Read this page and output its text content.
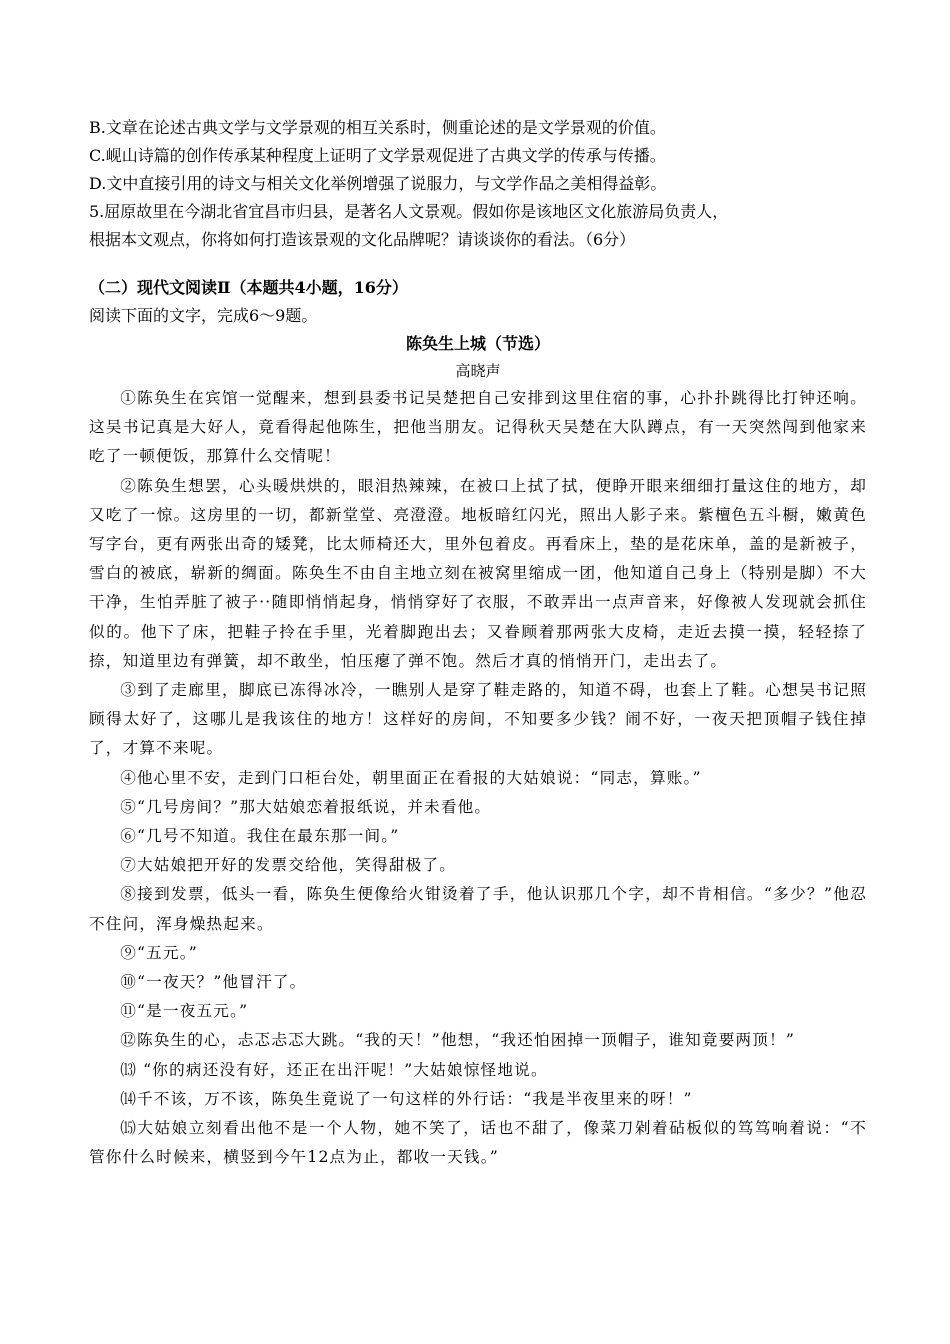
B.文章在论述古典文学与文学景观的相互关系时，侧重论述的是文学景观的价值。
C.岘山诗篇的创作传承某种程度上证明了文学景观促进了古典文学的传承与传播。
D.文中直接引用的诗文与相关文化举例增强了说服力，与文学作品之美相得益彰。
5.屈原故里在今湖北省宜昌市归县，是著名人文景观。假如你是该地区文化旅游局负责人，
根据本文观点，你将如何打造该景观的文化品牌呢？请谈谈你的看法。（6分）
（二）现代文阅读Ⅱ（本题共4小题，16分）
阅读下面的文字，完成6～9题。
陈奂生上城（节选）
高晓声

①陈奂生在宾馆一觉醒来，想到县委书记吴楚把自己安排到这里住宿的事，心扑扑跳得比打钟还响。这吴书记真是大好人，竟看得起他陈生，把他当朋友。记得秋天吴楚在大队蹲点，有一天突然闯到他家来吃了一顿便饭，那算什么交情呢！

②陈奂生想罢，心头暖烘烘的，眼泪热辣辣，在被口上拭了拭，便睁开眼来细细打量这住的地方，却又吃了一惊。这房里的一切，都新堂堂、亮澄澄。地板暗红闪光，照出人影子来。紫檀色五斗橱，嫩黄色写字台，更有两张出奇的矮凳，比太师椅还大，里外包着皮。再看床上，垫的是花床单，盖的是新被子，雪白的被底，崭新的绸面。陈奂生不由自主地立刻在被窝里缩成一团，他知道自己身上（特别是脚）不大干净，生怕弄脏了被子··随即悄悄起身，悄悄穿好了衣服，不敢弄出一点声音来，好像被人发现就会抓住似的。他下了床，把鞋子拎在手里，光着脚跑出去；又眷顾着那两张大皮椅，走近去摸一摸，轻轻捺了捺，知道里边有弹簧，却不敢坐，怕压瘪了弹不饱。然后才真的悄悄开门，走出去了。

③到了走廊里，脚底已冻得冰冷，一瞧别人是穿了鞋走路的，知道不碍，也套上了鞋。心想吴书记照顾得太好了，这哪儿是我该住的地方！这样好的房间，不知要多少钱？闹不好，一夜天把顶帽子钱住掉了，才算不来呢。

④他心里不安，走到门口柜台处，朝里面正在看报的大姑娘说：“同志，算账。”

⑤“几号房间？”那大姑娘恋着报纸说，并未看他。

⑥“几号不知道。我住在最东那一间。”

⑦大姑娘把开好的发票交给他，笑得甜极了。

⑧接到发票，低头一看，陈奂生便像给火钳烫着了手，他认识那几个字，却不肯相信。“多少？”他忍不住问，浑身燥热起来。

⑨“五元。”

⑩“一夜天？”他冒汗了。

⑪“是一夜五元。”

⑫陈奂生的心，忐忑忐忑大跳。“我的天！”他想，“我还怕困掉一顶帽子，谁知竟要两顶！”

⒀ “你的病还没有好，还正在出汗呢！”大姑娘惊怪地说。

⒁千不该，万不该，陈奂生竟说了一句这样的外行话：“我是半夜里来的呀！”

⒂大姑娘立刻看出他不是一个人物，她不笑了，话也不甜了，像菜刀剁着砧板似的笃笃响着说：“不管你什么时候来，横竖到今午12点为止，都收一天钱。”
